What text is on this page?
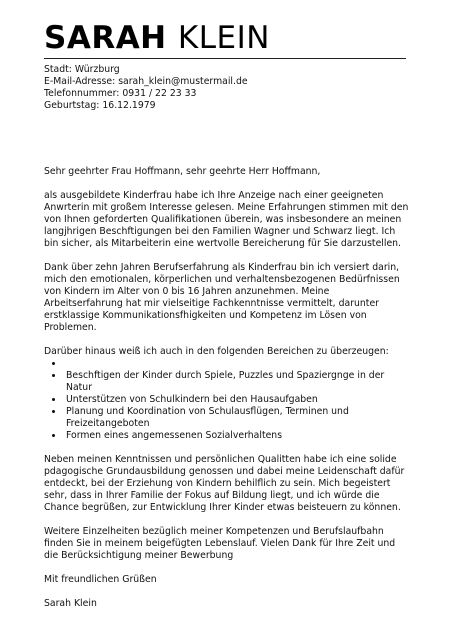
SARAH KLEIN
Stadt: Würzburg
E-Mail-Adresse: sarah_klein@mustermail.de
Telefonnummer: 0931 / 22 23 33
Geburtstag: 16.12.1979

Sehr geehrter Frau Hoffmann, sehr geehrte Herr Hoffmann,

als ausgebildete Kinderfrau habe ich Ihre Anzeige nach einer geeigneten Anwrterin mit großem Interesse gelesen. Meine Erfahrungen stimmen mit den von Ihnen geforderten Qualifikationen überein, was insbesondere an meinen langjhrigen Beschftigungen bei den Familien Wagner und Schwarz liegt. Ich bin sicher, als Mitarbeiterin eine wertvolle Bereicherung für Sie darzustellen.

Dank über zehn Jahren Berufserfahrung als Kinderfrau bin ich versiert darin, mich den emotionalen, körperlichen und verhaltensbezogenen Bedürfnissen von Kindern im Alter von 0 bis 16 Jahren anzunehmen. Meine Arbeitserfahrung hat mir vielseitige Fachkenntnisse vermittelt, darunter erstklassige Kommunikationsfhigkeiten und Kompetenz im Lösen von Problemen.

Darüber hinaus weiß ich auch in den folgenden Bereichen zu überzeugen:
•
• Beschftigen der Kinder durch Spiele, Puzzles und Spaziergnge in der Natur
• Unterstützen von Schulkindern bei den Hausaufgaben
• Planung und Koordination von Schulausflügen, Terminen und Freizeitangeboten
• Formen eines angemessenen Sozialverhaltens

Neben meinen Kenntnissen und persönlichen Qualitten habe ich eine solide pdagogische Grundausbildung genossen und dabei meine Leidenschaft dafür entdeckt, bei der Erziehung von Kindern behilflich zu sein. Mich begeistert sehr, dass in Ihrer Familie der Fokus auf Bildung liegt, und ich würde die Chance begrüßen, zur Entwicklung Ihrer Kinder etwas beisteuern zu können.

Weitere Einzelheiten bezüglich meiner Kompetenzen und Berufslaufbahn finden Sie in meinem beigefügten Lebenslauf. Vielen Dank für Ihre Zeit und die Berücksichtigung meiner Bewerbung

Mit freundlichen Grüßen
Sarah Klein
